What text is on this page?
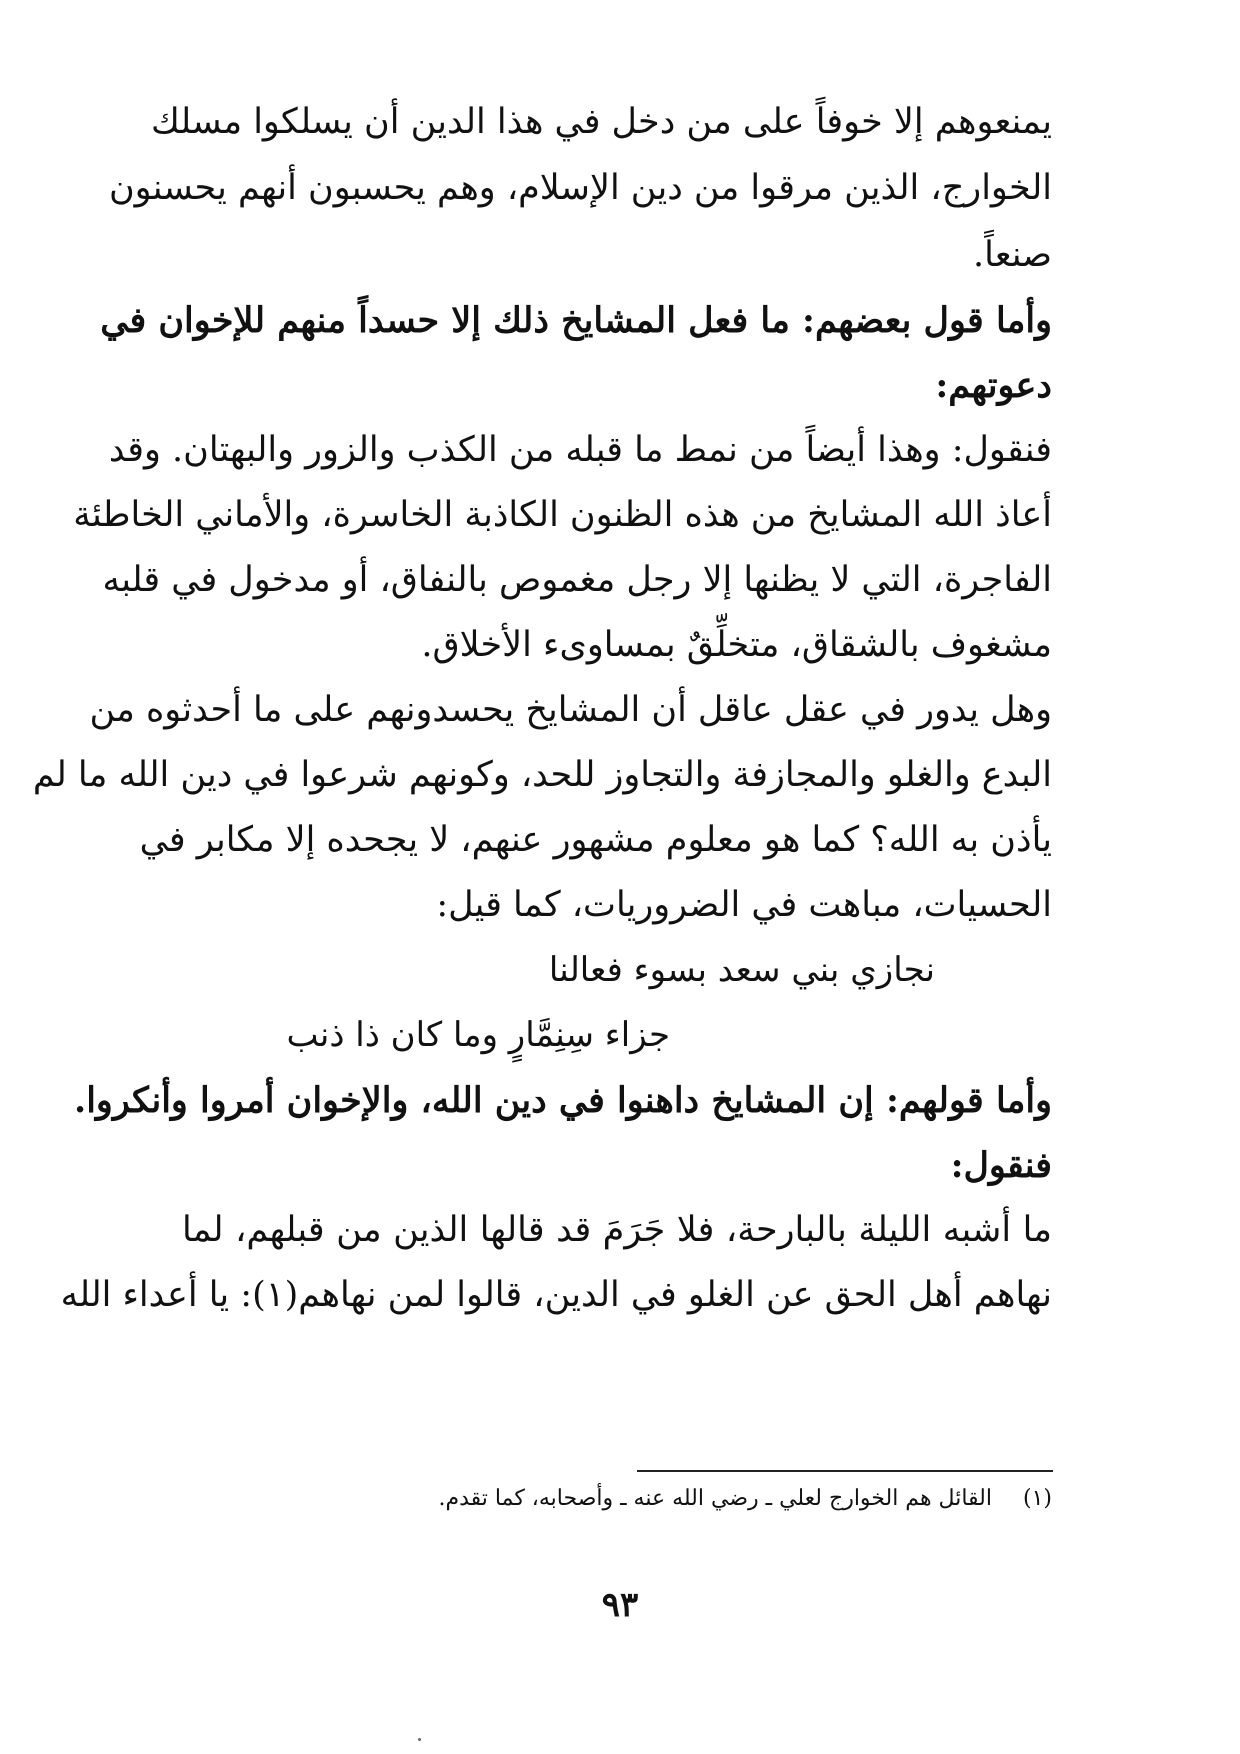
يمنعوهم إلا خوفاً على من دخل في هذا الدين أن يسلكوا مسلك
الخوارج، الذين مرقوا من دين الإسلام، وهم يحسبون أنهم يحسنون
صنعاً.
وأما قول بعضهم: ما فعل المشايخ ذلك إلا حسداً منهم للإخوان في
دعوتهم:
فنقول: وهذا أيضاً من نمط ما قبله من الكذب والزور والبهتان. وقد
أعاذ الله المشايخ من هذه الظنون الكاذبة الخاسرة، والأماني الخاطئة
الفاجرة، التي لا يظنها إلا رجل مغموص بالنفاق، أو مدخول في قلبه
مشغوف بالشقاق، متخلِّقٌ بمساوىء الأخلاق.
وهل يدور في عقل عاقل أن المشايخ يحسدونهم على ما أحدثوه من
البدع والغلو والمجازفة والتجاوز للحد، وكونهم شرعوا في دين الله ما لم
يأذن به الله؟ كما هو معلوم مشهور عنهم، لا يجحده إلا مكابر في
الحسيات، مباهت في الضروريات، كما قيل:
نجازي بني سعد بسوء فعالنا
جزاء سِنِمَّارٍ وما كان ذا ذنب
وأما قولهم: إن المشايخ داهنوا في دين الله، والإخوان أمروا وأنكروا.
فنقول:
ما أشبه الليلة بالبارحة، فلا جَرَمَ قد قالها الذين من قبلهم، لما
نهاهم أهل الحق عن الغلو في الدين، قالوا لمن نهاهم(١): يا أعداء الله
(١) القائل هم الخوارج لعلي ـ رضي الله عنه ـ وأصحابه، كما تقدم.
٩٣
